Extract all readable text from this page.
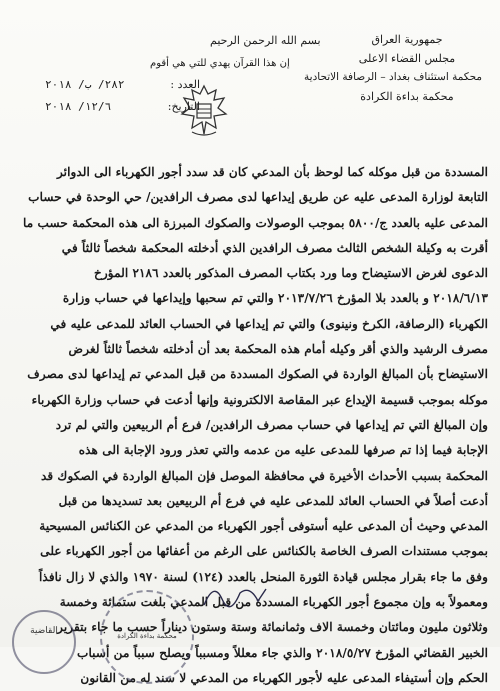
بسم الله الرحمن الرحيم
إن هذا القرآن يهدي للتي هي أقوم
جمهورية العراق
مجلس القضاء الاعلى
محكمة استئناف بغداد – الرصافة الاتحادية
محكمة بداءة الكرادة
العدد :
٢٨٢/ ب/ ٢٠١٨
التاريخ:
١٢/٦/ ٢٠١٨

المسددة من قبل موكله كما لوحظ بأن المدعي كان قد سدد أجور الكهرباء الى الدوائر

التابعة لوزارة المدعى عليه عن طريق إيداعها لدى مصرف الرافدين/ حي الوحدة في حساب

المدعى عليه بالعدد ج/٥٨٠٠ بموجب الوصولات والصكوك المبرزة الى هذه المحكمة حسب ما

أقرت به وكيلة الشخص الثالث مصرف الرافدين الذي أدخلته المحكمة شخصاً ثالثاً في

الدعوى لغرض الاستيضاح وما ورد بكتاب المصرف المذكور بالعدد ٢١٨٦ المؤرخ

٢٠١٨/٦/١٣ و بالعدد بلا المؤرخ ٢٠١٣/٧/٢٦ والتي تم سحبها وإيداعها في حساب وزارة

الكهرباء (الرصافة، الكرخ ونينوى) والتي تم إيداعها في الحساب العائد للمدعى عليه في

مصرف الرشيد والذي أقر وكيله أمام هذه المحكمة بعد أن أدخلته شخصاً ثالثاً لغرض

الاستيضاح بأن المبالغ الواردة في الصكوك المسددة من قبل المدعي تم إيداعها لدى مصرف

موكله بموجب قسيمة الإيداع عبر المقاصة الالكترونية وإنها أدعت في حساب وزارة الكهرباء

وإن المبالغ التي تم إيداعها في حساب مصرف الرافدين/ فرع أم الربيعين والتي لم ترد

الإجابة فيما إذا تم صرفها للمدعى عليه من عدمه والتي تعذر ورود الإجابة الى هذه

المحكمة بسبب الأحداث الأخيرة في محافظة الموصل فإن المبالغ الواردة في الصكوك قد

أدعت أصلاً في الحساب العائد للمدعى عليه في فرع أم الربيعين بعد تسديدها من قبل

المدعي وحيث أن المدعى عليه أستوفى أجور الكهرباء من المدعي عن الكنائس المسيحية

بموجب مستندات الصرف الخاصة بالكنائس على الرغم من أعفائها من أجور الكهرباء على

وفق ما جاء بقرار مجلس قيادة الثورة المنحل بالعدد (١٢٤) لسنة ١٩٧٠ والذي لا زال نافذاً

ومعمولاً به وإن مجموع أجور الكهرباء المسددة من قبل المدعي بلغت ستمائة وخمسة

وثلاثون مليون ومائتان وخمسة الاف وثمانمائة وستة وستون ديناراً حسب ما جاء بتقرير

الخبير القضائي المؤرخ ٢٠١٨/٥/٢٧ والذي جاء معللاً ومسبباً ويصلح سبباً من أسباب

الحكم وإن أستيفاء المدعى عليه لأجور الكهرباء من المدعي لا سند له من القانون

القاضية	محكمة بداءة الكرادة
